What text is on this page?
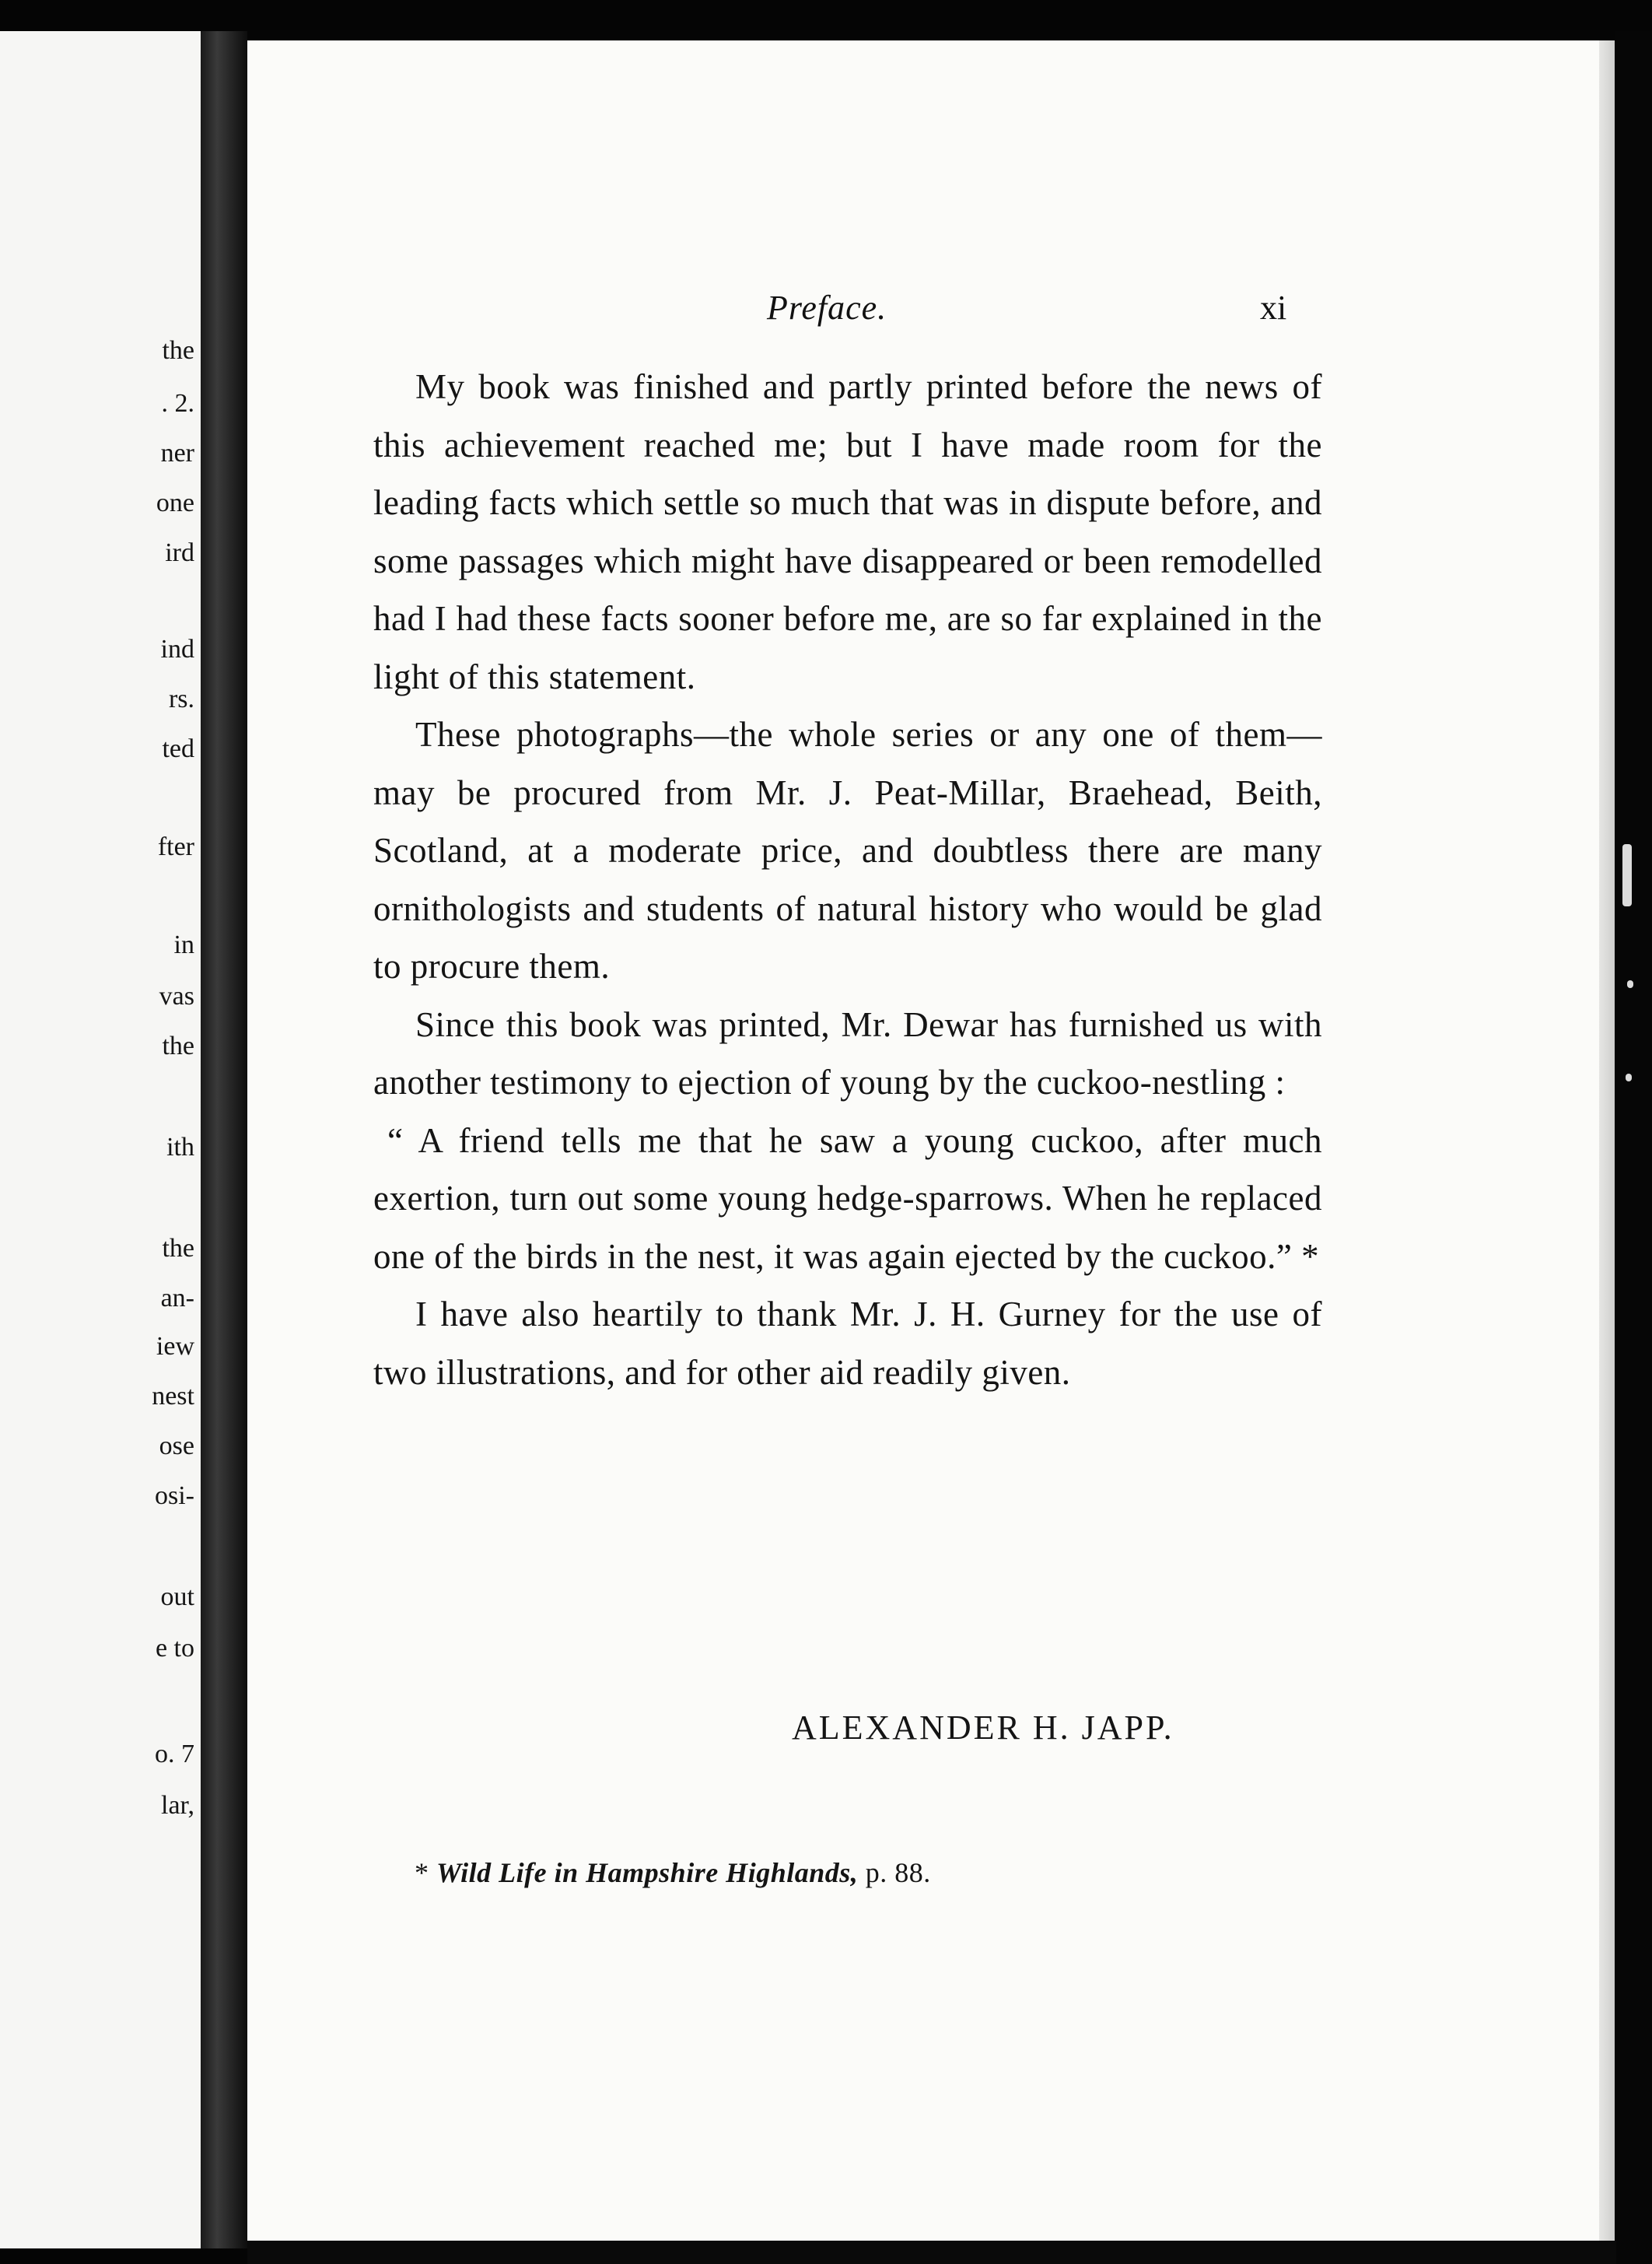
the
. 2.
ner
one
ird
ind
rs.
ted
fter
in
vas
the
ith
the
an-
iew
nest
ose
osi-
out
e to
o. 7
lar,
Preface.	xi

My book was finished and partly printed before the news of this achievement reached me; but I have made room for the leading facts which settle so much that was in dispute before, and some passages which might have disappeared or been remodelled had I had these facts sooner before me, are so far explained in the light of this statement.

These photographs—the whole series or any one of them—may be procured from Mr. J. Peat-Millar, Braehead, Beith, Scotland, at a moderate price, and doubtless there are many ornithologists and students of natural history who would be glad to procure them.

Since this book was printed, Mr. Dewar has furnished us with another testimony to ejection of young by the cuckoo-nestling :

“ A friend tells me that he saw a young cuckoo, after much exertion, turn out some young hedge-sparrows. When he replaced one of the birds in the nest, it was again ejected by the cuckoo.” *

I have also heartily to thank Mr. J. H. Gurney for the use of two illustrations, and for other aid readily given.

ALEXANDER H. JAPP.
* Wild Life in Hampshire Highlands, p. 88.
